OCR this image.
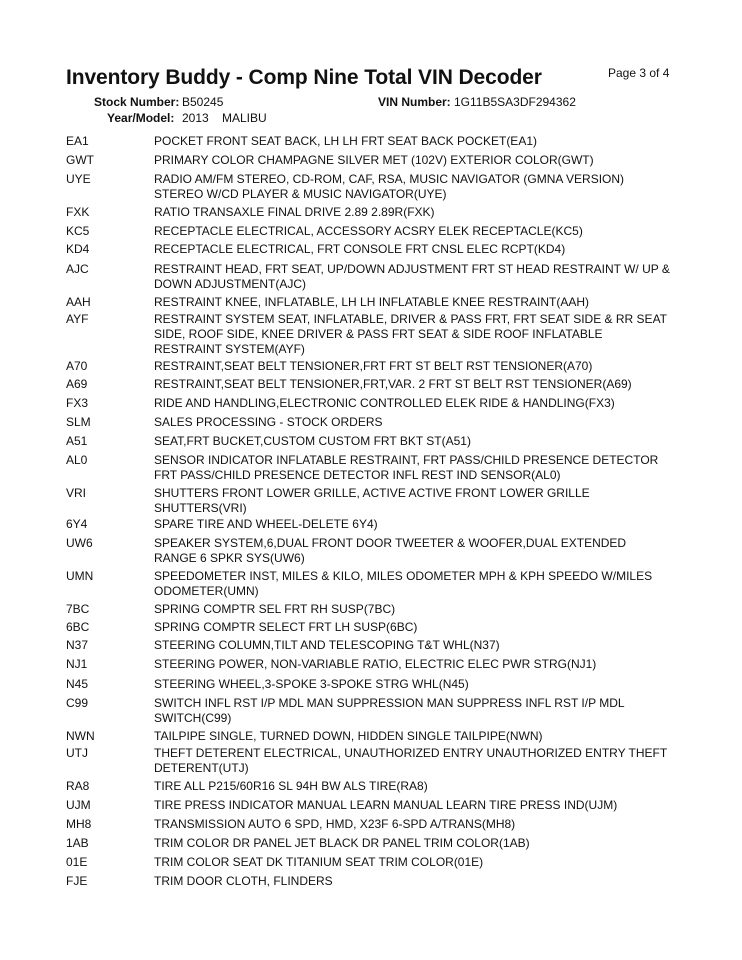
Inventory Buddy - Comp Nine Total VIN Decoder	Page 3 of 4
Stock Number: B50245	VIN Number: 1G11B5SA3DF294362
Year/Model: 2013 MALIBU
EA1	POCKET FRONT SEAT BACK, LH LH FRT SEAT BACK POCKET(EA1)
GWT	PRIMARY COLOR CHAMPAGNE SILVER MET (102V) EXTERIOR COLOR(GWT)
UYE	RADIO AM/FM STEREO, CD-ROM, CAF, RSA, MUSIC NAVIGATOR (GMNA VERSION)
STEREO W/CD PLAYER & MUSIC NAVIGATOR(UYE)
FXK	RATIO TRANSAXLE FINAL DRIVE 2.89 2.89R(FXK)
KC5	RECEPTACLE ELECTRICAL, ACCESSORY ACSRY ELEK RECEPTACLE(KC5)
KD4	RECEPTACLE ELECTRICAL, FRT CONSOLE FRT CNSL ELEC RCPT(KD4)
AJC	RESTRAINT HEAD, FRT SEAT, UP/DOWN ADJUSTMENT FRT ST HEAD RESTRAINT W/ UP &
DOWN ADJUSTMENT(AJC)
AAH	RESTRAINT KNEE, INFLATABLE, LH LH INFLATABLE KNEE RESTRAINT(AAH)
AYF	RESTRAINT SYSTEM SEAT, INFLATABLE, DRIVER & PASS FRT, FRT SEAT SIDE & RR SEAT
SIDE, ROOF SIDE, KNEE DRIVER & PASS FRT SEAT & SIDE ROOF INFLATABLE
RESTRAINT SYSTEM(AYF)
A70	RESTRAINT,SEAT BELT TENSIONER,FRT FRT ST BELT RST TENSIONER(A70)
A69	RESTRAINT,SEAT BELT TENSIONER,FRT,VAR. 2 FRT ST BELT RST TENSIONER(A69)
FX3	RIDE AND HANDLING,ELECTRONIC CONTROLLED ELEK RIDE & HANDLING(FX3)
SLM	SALES PROCESSING - STOCK ORDERS
A51	SEAT,FRT BUCKET,CUSTOM CUSTOM FRT BKT ST(A51)
AL0	SENSOR INDICATOR INFLATABLE RESTRAINT, FRT PASS/CHILD PRESENCE DETECTOR
FRT PASS/CHILD PRESENCE DETECTOR INFL REST IND SENSOR(AL0)
VRI	SHUTTERS FRONT LOWER GRILLE, ACTIVE ACTIVE FRONT LOWER GRILLE
SHUTTERS(VRI)
6Y4	SPARE TIRE AND WHEEL-DELETE 6Y4)
UW6	SPEAKER SYSTEM,6,DUAL FRONT DOOR TWEETER & WOOFER,DUAL EXTENDED
RANGE 6 SPKR SYS(UW6)
UMN	SPEEDOMETER INST, MILES & KILO, MILES ODOMETER MPH & KPH SPEEDO W/MILES
ODOMETER(UMN)
7BC	SPRING COMPTR SEL FRT RH SUSP(7BC)
6BC	SPRING COMPTR SELECT FRT LH SUSP(6BC)
N37	STEERING COLUMN,TILT AND TELESCOPING T&T WHL(N37)
NJ1	STEERING POWER, NON-VARIABLE RATIO, ELECTRIC ELEC PWR STRG(NJ1)
N45	STEERING WHEEL,3-SPOKE 3-SPOKE STRG WHL(N45)
C99	SWITCH INFL RST I/P MDL MAN SUPPRESSION MAN SUPPRESS INFL RST I/P MDL
SWITCH(C99)
NWN	TAILPIPE SINGLE, TURNED DOWN, HIDDEN SINGLE TAILPIPE(NWN)
UTJ	THEFT DETERENT ELECTRICAL, UNAUTHORIZED ENTRY UNAUTHORIZED ENTRY THEFT
DETERENT(UTJ)
RA8	TIRE ALL P215/60R16 SL 94H BW ALS TIRE(RA8)
UJM	TIRE PRESS INDICATOR MANUAL LEARN MANUAL LEARN TIRE PRESS IND(UJM)
MH8	TRANSMISSION AUTO 6 SPD, HMD, X23F 6-SPD A/TRANS(MH8)
1AB	TRIM COLOR DR PANEL JET BLACK DR PANEL TRIM COLOR(1AB)
01E	TRIM COLOR SEAT DK TITANIUM SEAT TRIM COLOR(01E)
FJE	TRIM DOOR CLOTH, FLINDERS
